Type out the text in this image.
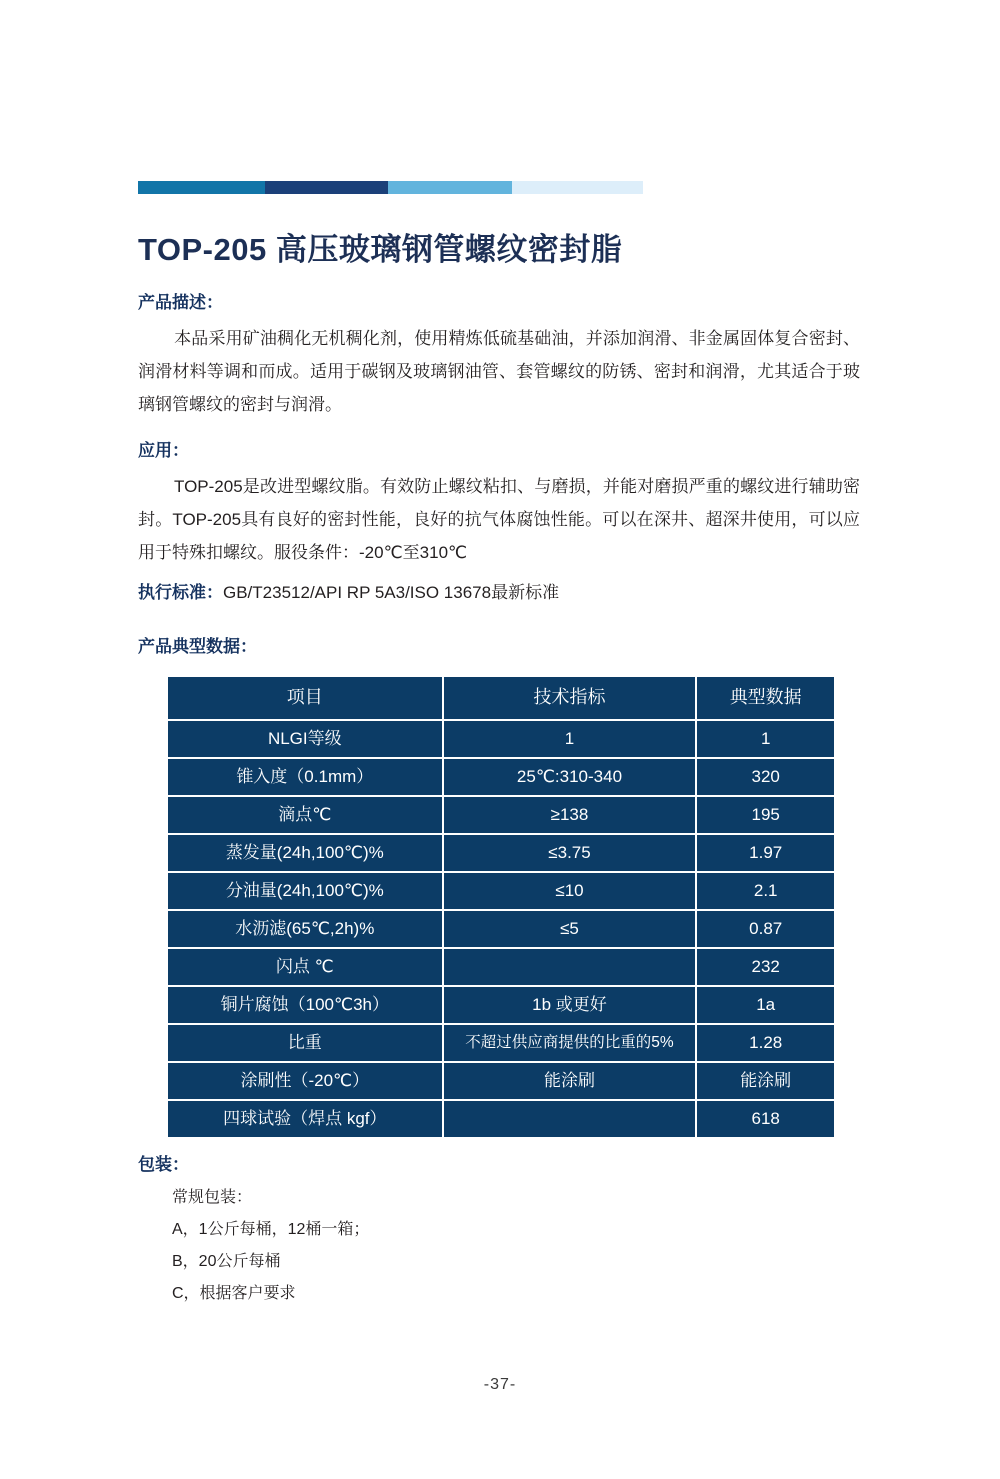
TOP-205 高压玻璃钢管螺纹密封脂
产品描述：
本品采用矿油稠化无机稠化剂，使用精炼低硫基础油，并添加润滑、非金属固体复合密封、润滑材料等调和而成。适用于碳钢及玻璃钢油管、套管螺纹的防锈、密封和润滑，尤其适合于玻璃钢管螺纹的密封与润滑。
应用：
TOP-205是改进型螺纹脂。有效防止螺纹粘扣、与磨损，并能对磨损严重的螺纹进行辅助密封。TOP-205具有良好的密封性能，良好的抗气体腐蚀性能。可以在深井、超深井使用，可以应用于特殊扣螺纹。服役条件：-20℃至310℃
执行标准：GB/T23512/API RP 5A3/ISO 13678最新标准
产品典型数据：
项目	技术指标	典型数据
NLGI等级	1	1
锥入度（0.1mm）	25℃:310-340	320
滴点℃	≥138	195
蒸发量(24h,100℃)%	≤3.75	1.97
分油量(24h,100℃)%	≤10	2.1
水沥滤(65℃,2h)%	≤5	0.87
闪点 ℃		232
铜片腐蚀（100℃3h）	1b 或更好	1a
比重	不超过供应商提供的比重的5%	1.28
涂刷性（-20℃）	能涂刷	能涂刷
四球试验（焊点 kgf）		618
包装：
常规包装：
A，1公斤每桶，12桶一箱；
B，20公斤每桶
C，根据客户要求
-37-
